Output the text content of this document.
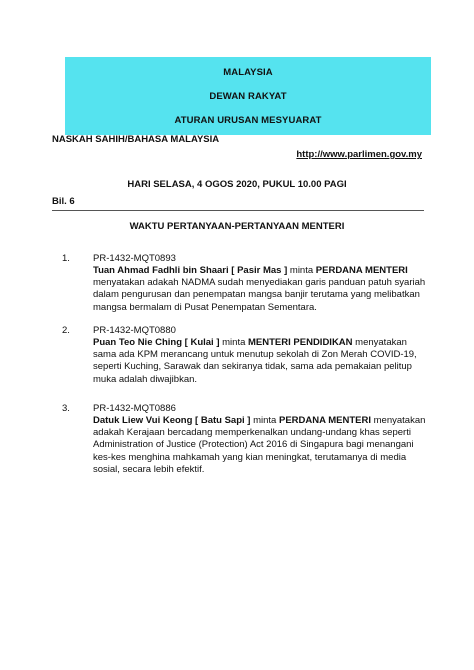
MALAYSIA
DEWAN RAKYAT
ATURAN URUSAN MESYUARAT
NASKAH SAHIH/BAHASA MALAYSIA
http://www.parlimen.gov.my
HARI SELASA, 4 OGOS 2020, PUKUL 10.00 PAGI
Bil. 6
WAKTU PERTANYAAN-PERTANYAAN MENTERI
1. PR-1432-MQT0893
Tuan Ahmad Fadhli bin Shaari [ Pasir Mas ] minta PERDANA MENTERI menyatakan adakah NADMA sudah menyediakan garis panduan patuh syariah dalam pengurusan dan penempatan mangsa banjir terutama yang melibatkan mangsa bermalam di Pusat Penempatan Sementara.
2. PR-1432-MQT0880
Puan Teo Nie Ching [ Kulai ] minta MENTERI PENDIDIKAN menyatakan sama ada KPM merancang untuk menutup sekolah di Zon Merah COVID-19, seperti Kuching, Sarawak dan sekiranya tidak, sama ada pemakaian pelitup muka adalah diwajibkan.
3. PR-1432-MQT0886
Datuk Liew Vui Keong [ Batu Sapi ] minta PERDANA MENTERI menyatakan adakah Kerajaan bercadang memperkenalkan undang-undang khas seperti Administration of Justice (Protection) Act 2016 di Singapura bagi menangani kes-kes menghina mahkamah yang kian meningkat, terutamanya di media sosial, secara lebih efektif.
